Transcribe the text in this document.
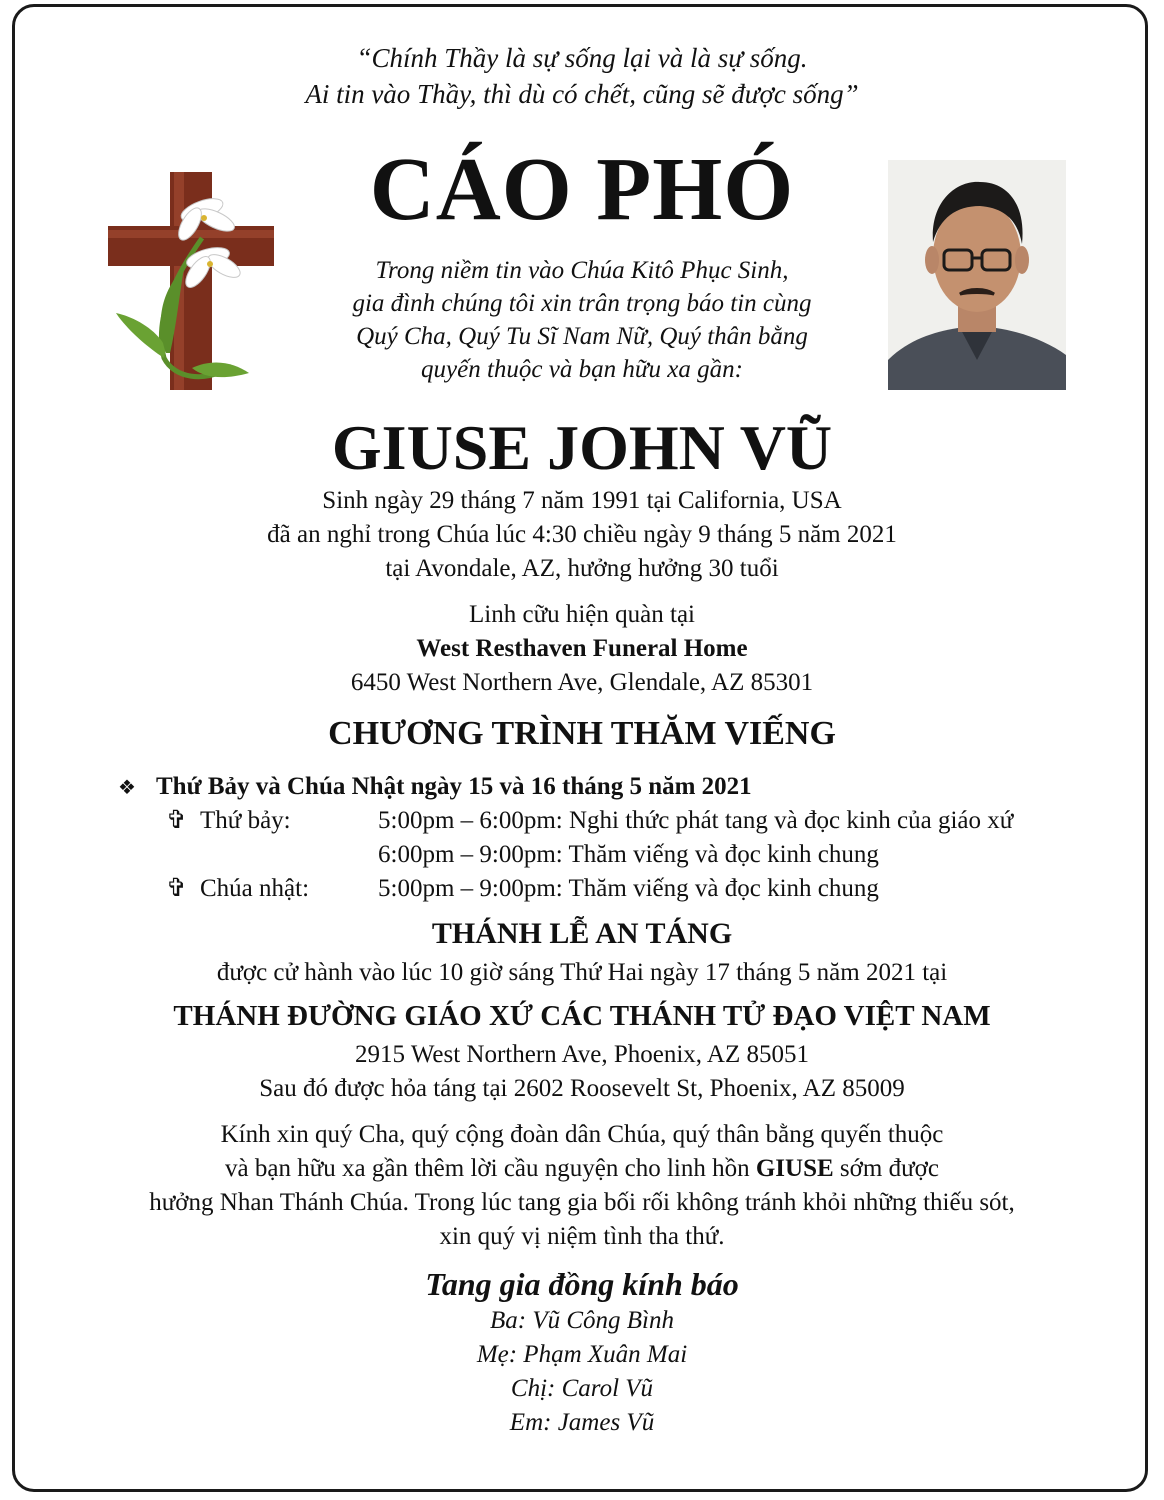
“Chính Thầy là sự sống lại và là sự sống.
Ai tin vào Thầy, thì dù có chết, cũng sẽ được sống”
CÁO PHÓ
Trong niềm tin vào Chúa Kitô Phục Sinh,
gia đình chúng tôi xin trân trọng báo tin cùng
Quý Cha, Quý Tu Sĩ Nam Nữ, Quý thân bằng
quyến thuộc và bạn hữu xa gần:
GIUSE JOHN VŨ
Sinh ngày 29 tháng 7 năm 1991 tại California, USA
đã an nghỉ trong Chúa lúc 4:30 chiều ngày 9 tháng 5 năm 2021
tại Avondale, AZ, hưởng hưởng 30 tuổi
Linh cữu hiện quàn tại
West Resthaven Funeral Home
6450 West Northern Ave, Glendale, AZ 85301
CHƯƠNG TRÌNH THĂM VIẾNG
❖ Thứ Bảy và Chúa Nhật ngày 15 và 16 tháng 5 năm 2021
✞ Thứ bảy:	5:00pm – 6:00pm: Nghi thức phát tang và đọc kinh của giáo xứ
6:00pm – 9:00pm: Thăm viếng và đọc kinh chung
✞ Chúa nhật:	5:00pm – 9:00pm: Thăm viếng và đọc kinh chung
THÁNH LỄ AN TÁNG
được cử hành vào lúc 10 giờ sáng Thứ Hai ngày 17 tháng 5 năm 2021 tại
THÁNH ĐƯỜNG GIÁO XỨ CÁC THÁNH TỬ ĐẠO VIỆT NAM
2915 West Northern Ave, Phoenix, AZ 85051
Sau đó được hỏa táng tại 2602 Roosevelt St, Phoenix, AZ 85009
Kính xin quý Cha, quý cộng đoàn dân Chúa, quý thân bằng quyến thuộc
và bạn hữu xa gần thêm lời cầu nguyện cho linh hồn GIUSE sớm được
hưởng Nhan Thánh Chúa. Trong lúc tang gia bối rối không tránh khỏi những thiếu sót,
xin quý vị niệm tình tha thứ.
Tang gia đồng kính báo
Ba: Vũ Công Bình
Mẹ: Phạm Xuân Mai
Chị: Carol Vũ
Em: James Vũ
